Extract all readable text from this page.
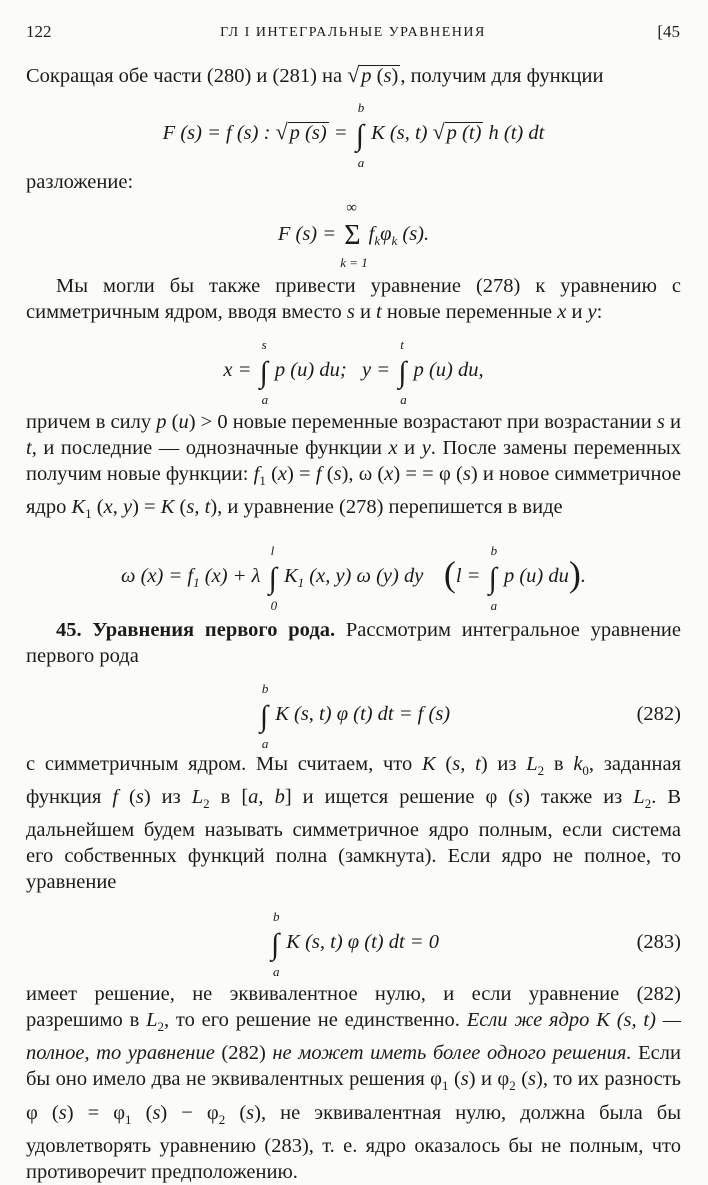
122	ГЛ I ИНТЕГРАЛЬНЫЕ УРАВНЕНИЯ	[45

Сокращая обе части (280) и (281) на √p (s), получим для функции

F (s) = f (s) : √p (s) = ∫
b
a
K (s, t) √p (t) h (t) dt

разложение:

F (s) = Σ
∞
k = 1
$f_k\varphi_k$ (s).

Мы могли бы также привести уравнение (278) к уравнению с симметричным ядром, вводя вместо s и t новые переменные x и y:

x = ∫
s
a
p (u) du;   y = ∫
t
a
p (u) du,

причем в силу p (u) > 0 новые переменные возрастают при возрастании s и t, и последние — однозначные функции x и y. После замены переменных получим новые функции: $f_1$ (x) = f (s), ω (x) = = φ (s) и новое симметричное ядро $K_1$ (x, y) = K (s, t), и уравнение (278) перепишется в виде

ω $(x) = f_1$ (x) + λ ∫
l
0
$K_1$ (x, y) ω (y) dy    (l = ∫
b
a
p (u) du).

45. Уравнения первого рода. Рассмотрим интегральное уравнение первого рода

∫
b
a
K (s, t) φ (t) dt = f (s)	(282)

с симметричным ядром. Мы считаем, что K (s, t) из $L_2$ в $k_0$, заданная функция f (s) из $L_2$ в [a, b] и ищется решение φ (s) также из $L_2$. В дальнейшем будем называть симметричное ядро полным, если система его собственных функций полна (замкнута). Если ядро не полное, то уравнение

∫
b
a
K (s, t) φ (t) dt = 0	(283)

имеет решение, не эквивалентное нулю, и если уравнение (282) разрешимо в $L_2$, то его решение не единственно. Если же ядро K (s, t) — полное, то уравнение (282) не может иметь более одного решения. Если бы оно имело два не эквивалентных решения $\varphi_1$ (s) и $\varphi_2$ (s), то их разность φ $(s) = \varphi_1$ $(s) - \varphi_2$ (s), не эквивалентная нулю, должна была бы удовлетворять уравнению (283), т. е. ядро оказалось бы не полным, что противоречит предположению.
